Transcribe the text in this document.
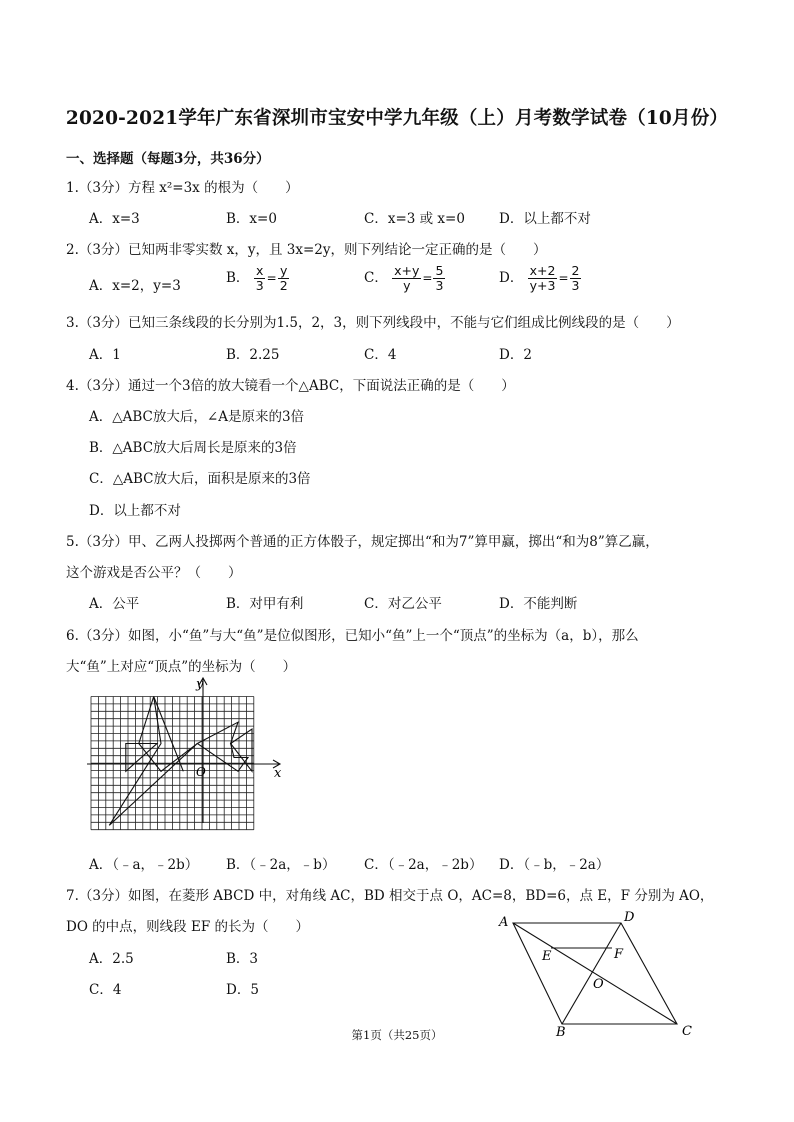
2020-2021学年广东省深圳市宝安中学九年级（上）月考数学试卷（10月份）
一、选择题（每题3分，共36分）
1.（3分）方程 x²=3x 的根为（　　）
A．x=3	B．x=0	C．x=3 或 x=0	D．以上都不对
2.（3分）已知两非零实数 x，y，且 3x=2y，则下列结论一定正确的是（　　）
A．x=2，y=3
B． $\frac{x}{3} = \frac{y}{2}$	C． $\frac{x+y}{y} = \frac{5}{3}$	D． $\frac{x+2}{y+3} = \frac{2}{3}$
3.（3分）已知三条线段的长分别为1.5，2，3，则下列线段中，不能与它们组成比例线段的是（　　）
A．1	B．2.25	C．4	D．2
4.（3分）通过一个3倍的放大镜看一个△ABC，下面说法正确的是（　　）
A．△ABC放大后，∠A是原来的3倍
B．△ABC放大后周长是原来的3倍
C．△ABC放大后，面积是原来的3倍
D．以上都不对
5.（3分）甲、乙两人投掷两个普通的正方体骰子，规定掷出“和为7”算甲赢，掷出“和为8”算乙赢，
这个游戏是否公平？（　　）
A．公平	B．对甲有利	C．对乙公平	D．不能判断
6.（3分）如图，小“鱼”与大“鱼”是位似图形，已知小“鱼”上一个“顶点”的坐标为（a，b），那么
大“鱼”上对应“顶点”的坐标为（　　）
y
x
O
A．（﹣a，﹣2b） B．（﹣2a，﹣b） C．（﹣2a，﹣2b） D．（﹣b，﹣2a）
7.（3分）如图，在菱形 ABCD 中，对角线 AC，BD 相交于点 O，AC=8，BD=6，点 E，F 分别为 AO，
DO 的中点，则线段 EF 的长为（　　）
A．2.5	B．3
C．4	D．5
A	D
B	C
E	F
O
第1页（共25页）
